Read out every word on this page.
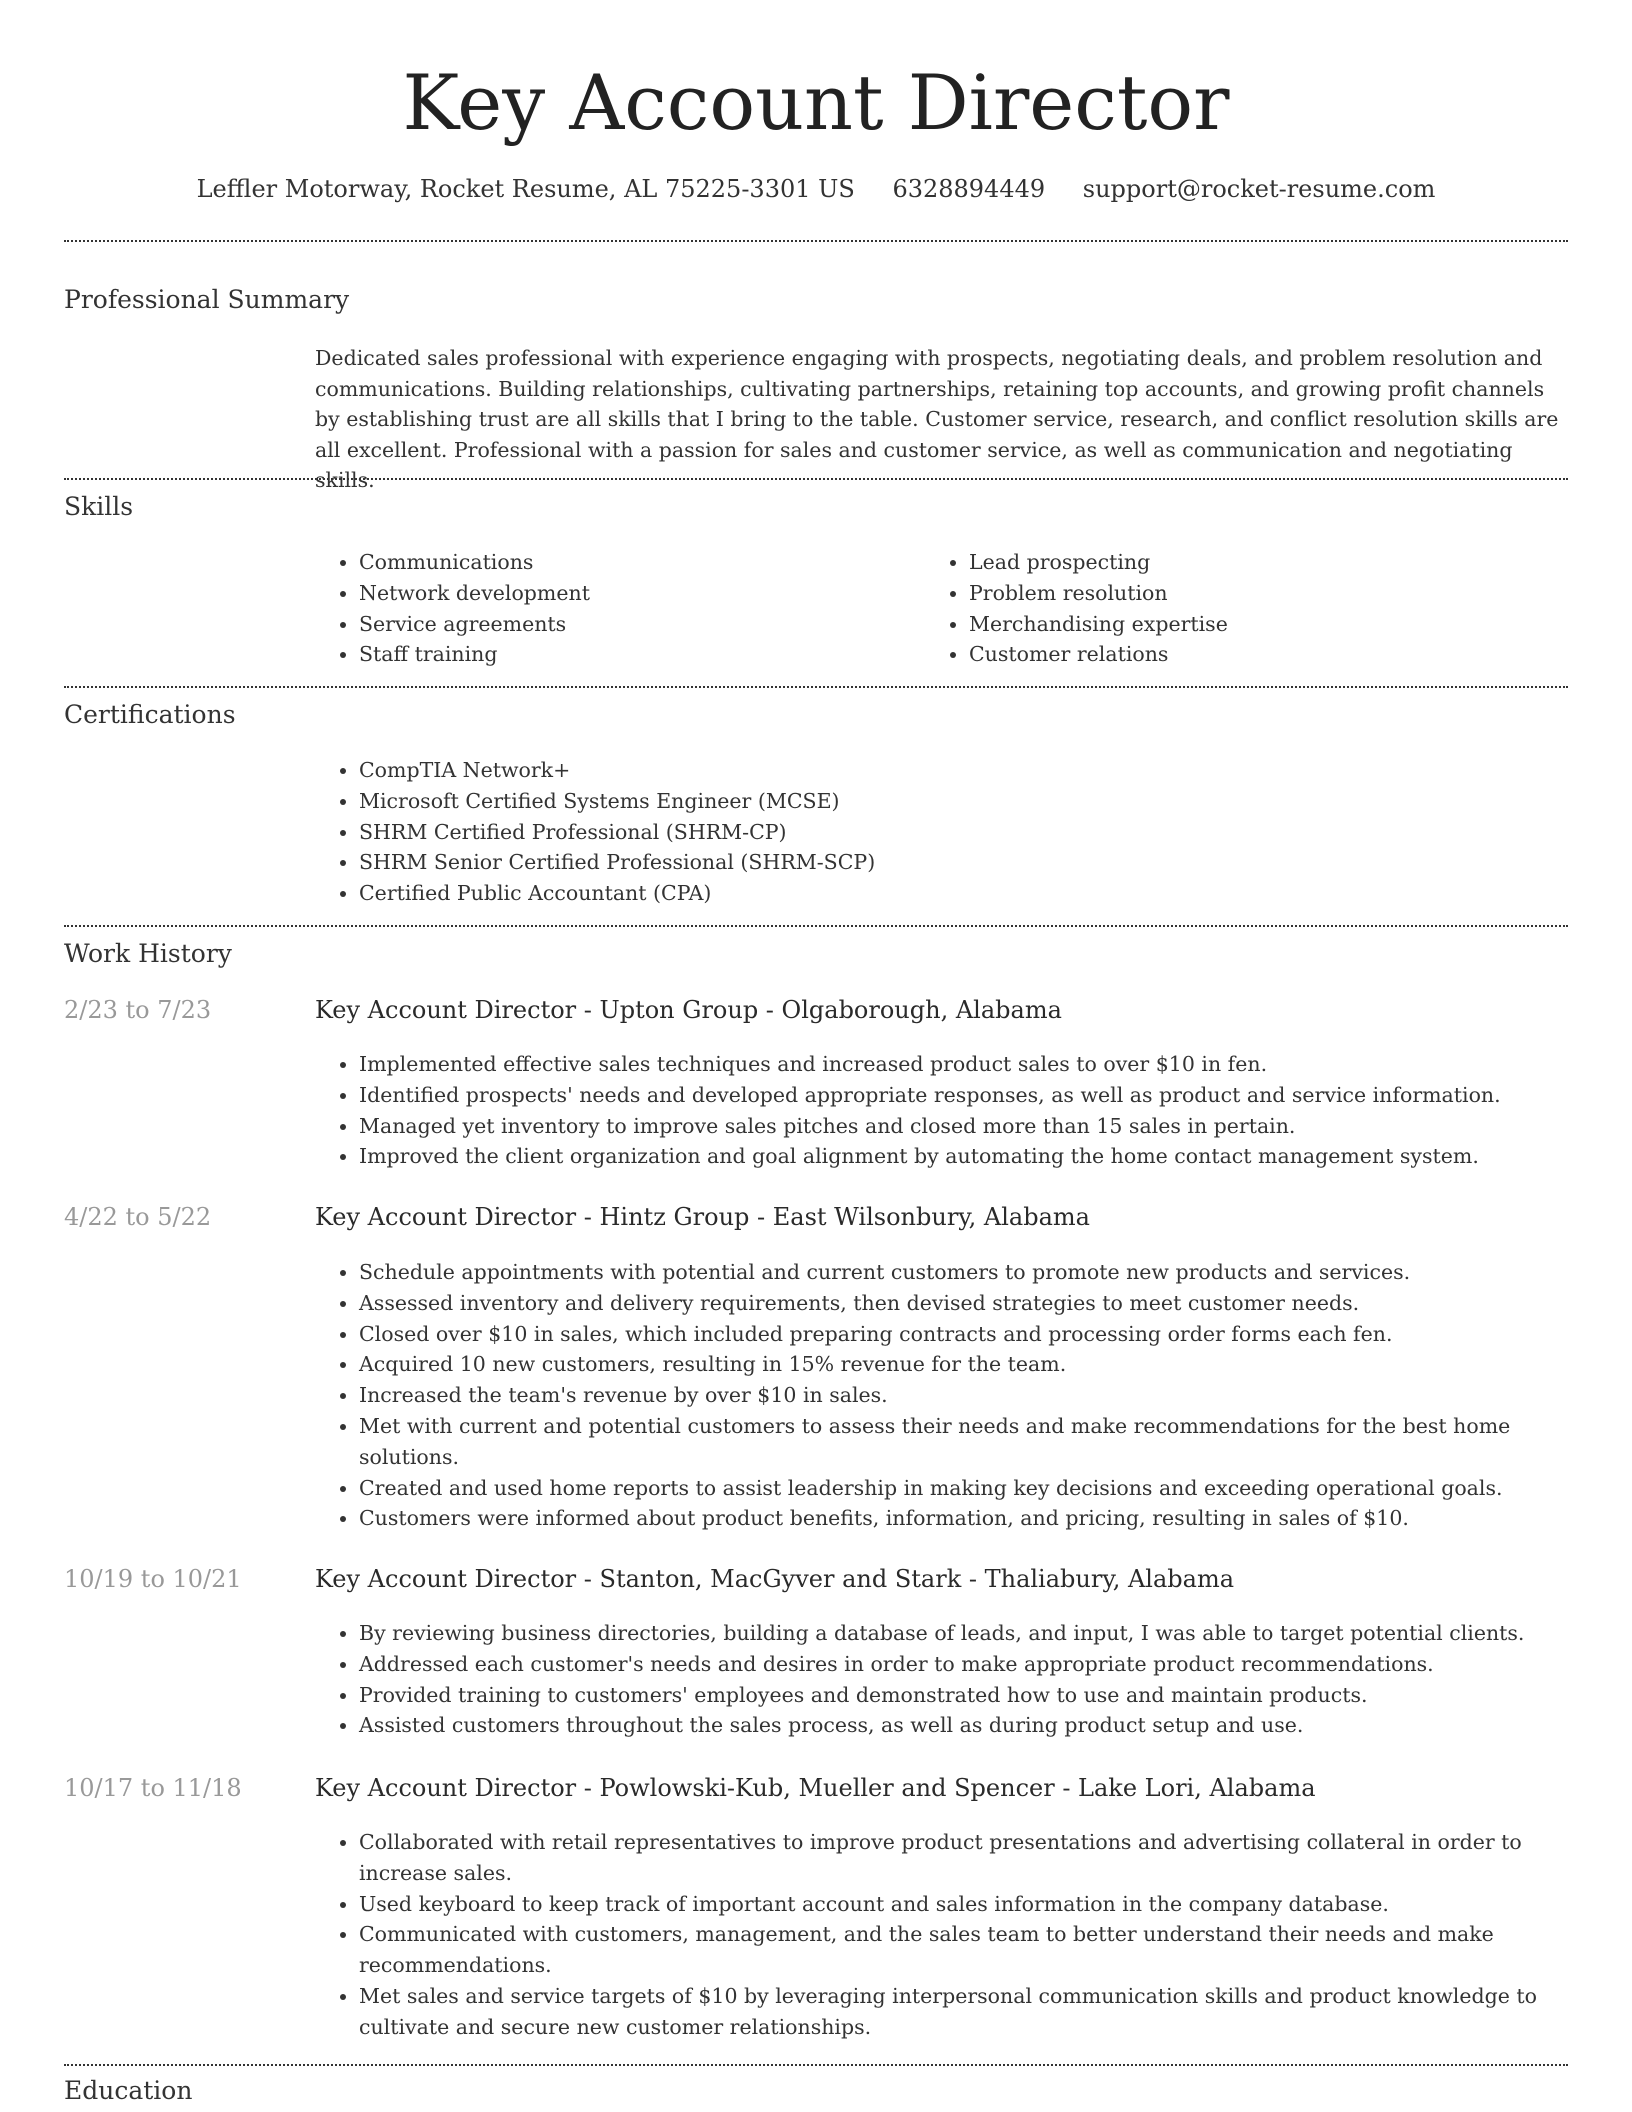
Key Account Director
Leffler Motorway, Rocket Resume, AL 75225-3301 US 6328894449 support@rocket-resume.com
Professional Summary
Dedicated sales professional with experience engaging with prospects, negotiating deals, and problem resolution and communications. Building relationships, cultivating partnerships, retaining top accounts, and growing profit channels by establishing trust are all skills that I bring to the table. Customer service, research, and conflict resolution skills are all excellent. Professional with a passion for sales and customer service, as well as communication and negotiating skills.
Skills
• Communications
• Network development
• Service agreements
• Staff training
• Lead prospecting
• Problem resolution
• Merchandising expertise
• Customer relations
Certifications
• CompTIA Network+
• Microsoft Certified Systems Engineer (MCSE)
• SHRM Certified Professional (SHRM-CP)
• SHRM Senior Certified Professional (SHRM-SCP)
• Certified Public Accountant (CPA)
Work History
2/23 to 7/23	Key Account Director - Upton Group - Olgaborough, Alabama
• Implemented effective sales techniques and increased product sales to over $10 in fen.
• Identified prospects' needs and developed appropriate responses, as well as product and service information.
• Managed yet inventory to improve sales pitches and closed more than 15 sales in pertain.
• Improved the client organization and goal alignment by automating the home contact management system.
4/22 to 5/22	Key Account Director - Hintz Group - East Wilsonbury, Alabama
• Schedule appointments with potential and current customers to promote new products and services.
• Assessed inventory and delivery requirements, then devised strategies to meet customer needs.
• Closed over $10 in sales, which included preparing contracts and processing order forms each fen.
• Acquired 10 new customers, resulting in 15% revenue for the team.
• Increased the team's revenue by over $10 in sales.
• Met with current and potential customers to assess their needs and make recommendations for the best home solutions.
• Created and used home reports to assist leadership in making key decisions and exceeding operational goals.
• Customers were informed about product benefits, information, and pricing, resulting in sales of $10.
10/19 to 10/21	Key Account Director - Stanton, MacGyver and Stark - Thaliabury, Alabama
• By reviewing business directories, building a database of leads, and input, I was able to target potential clients.
• Addressed each customer's needs and desires in order to make appropriate product recommendations.
• Provided training to customers' employees and demonstrated how to use and maintain products.
• Assisted customers throughout the sales process, as well as during product setup and use.
10/17 to 11/18	Key Account Director - Powlowski-Kub, Mueller and Spencer - Lake Lori, Alabama
• Collaborated with retail representatives to improve product presentations and advertising collateral in order to increase sales.
• Used keyboard to keep track of important account and sales information in the company database.
• Communicated with customers, management, and the sales team to better understand their needs and make recommendations.
• Met sales and service targets of $10 by leveraging interpersonal communication skills and product knowledge to cultivate and secure new customer relationships.
Education
